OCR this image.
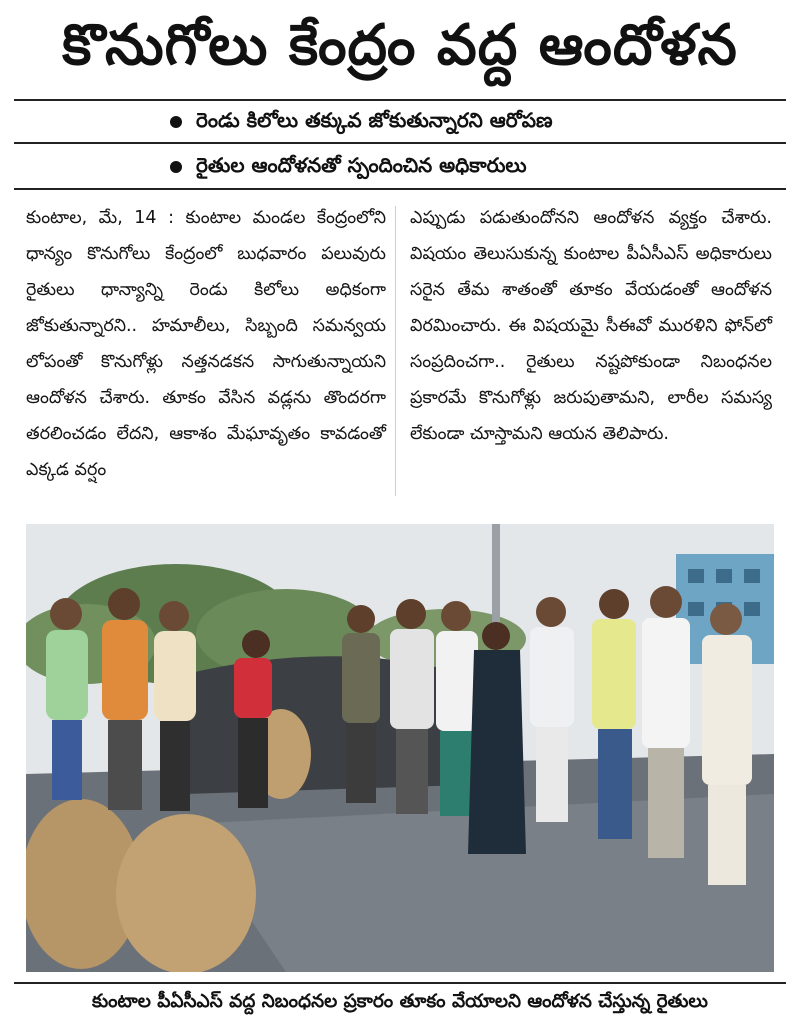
కొనుగోలు కేంద్రం వద్ద ఆందోళన
రెండు కిలోలు తక్కువ జోకుతున్నారని ఆరోపణ
రైతుల ఆందోళనతో స్పందించిన అధికారులు
కుంటాల, మే, 14 : కుంటాల మండల కేంద్రంలోని ధాన్యం కొనుగోలు కేంద్రంలో బుధవారం పలువురు రైతులు ధాన్యాన్ని రెండు కిలోలు అధికంగా జోకుతున్నారని.. హమాలీలు, సిబ్బంది సమన్వయ లోపంతో కొనుగోళ్లు నత్తనడకన సాగుతున్నాయని ఆందోళన చేశారు. తూకం వేసిన వడ్లను తొందరగా తరలించడం లేదని, ఆకాశం మేఘావృతం కావడంతో ఎక్కడ వర్షం
ఎప్పుడు పడుతుందోనని ఆందోళన వ్యక్తం చేశారు. విషయం తెలుసుకున్న కుంటాల పీఏసీఎస్ అధికారులు సరైన తేమ శాతంతో తూకం వేయడంతో ఆందోళన విరమించారు. ఈ విషయమై సీఈవో మురళిని ఫోన్‌లో సంప్రదించగా.. రైతులు నష్టపోకుండా నిబంధనల ప్రకారమే కొనుగోళ్లు జరుపుతామని, లారీల సమస్య లేకుండా చూస్తామని ఆయన తెలిపారు.
కుంటాల పీఏసీఎస్ వద్ద నిబంధనల ప్రకారం తూకం వేయాలని ఆందోళన చేస్తున్న రైతులు
